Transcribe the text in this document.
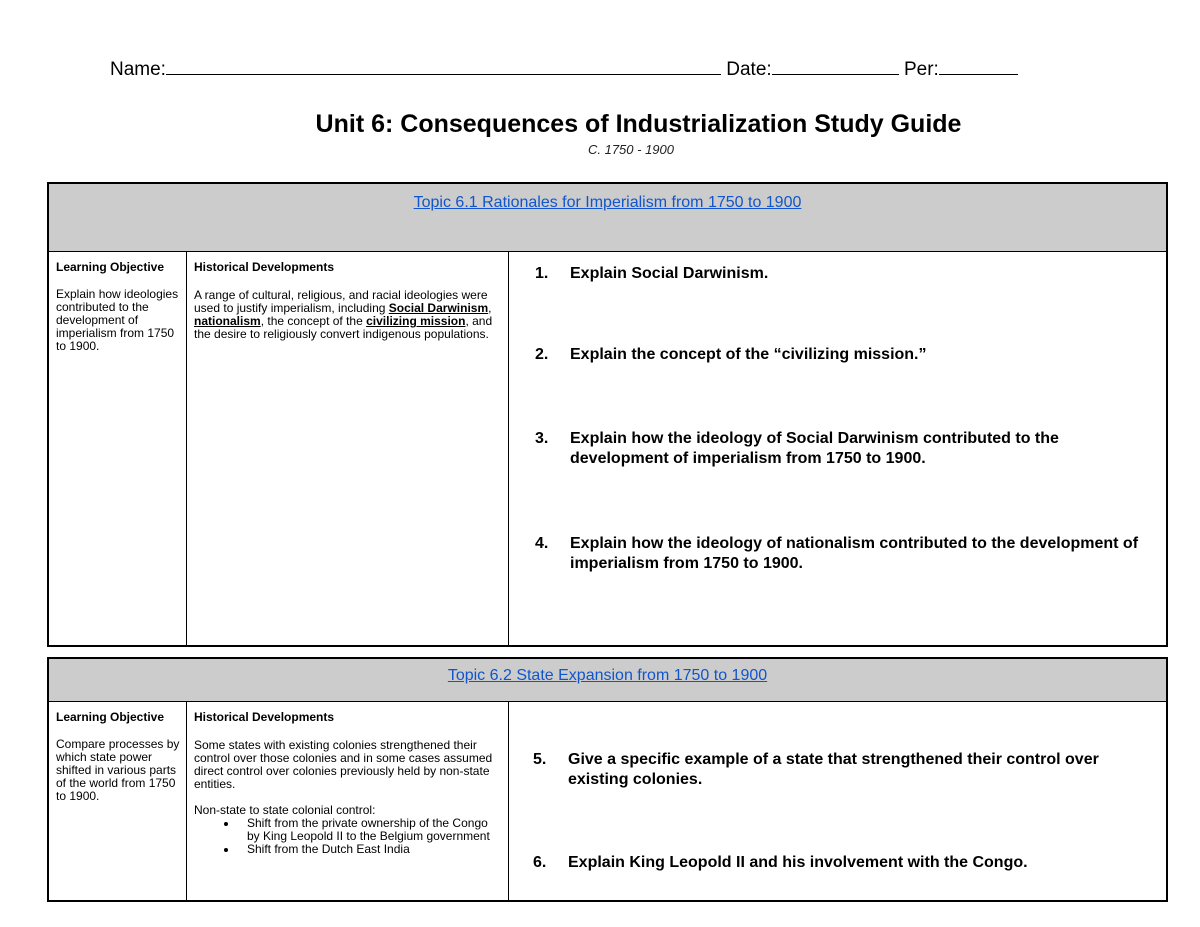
Name:	Date:	Per:
Unit 6: Consequences of Industrialization Study Guide
C. 1750 - 1900
Topic 6.1 Rationales for Imperialism from 1750 to 1900

Learning Objective
Explain how ideologies contributed to the development of imperialism from 1750 to 1900.

Historical Developments
A range of cultural, religious, and racial ideologies were used to justify imperialism, including Social Darwinism, nationalism, the concept of the civilizing mission, and the desire to religiously convert indigenous populations.

1. Explain Social Darwinism.
2. Explain the concept of the “civilizing mission.”
3. Explain how the ideology of Social Darwinism contributed to the development of imperialism from 1750 to 1900.
4. Explain how the ideology of nationalism contributed to the development of imperialism from 1750 to 1900.
Topic 6.2 State Expansion from 1750 to 1900

Learning Objective
Compare processes by which state power shifted in various parts of the world from 1750 to 1900.

Historical Developments
Some states with existing colonies strengthened their control over those colonies and in some cases assumed direct control over colonies previously held by non-state entities.
Non-state to state colonial control:
• Shift from the private ownership of the Congo by King Leopold II to the Belgium government
• Shift from the Dutch East India

5. Give a specific example of a state that strengthened their control over existing colonies.
6. Explain King Leopold II and his involvement with the Congo.
